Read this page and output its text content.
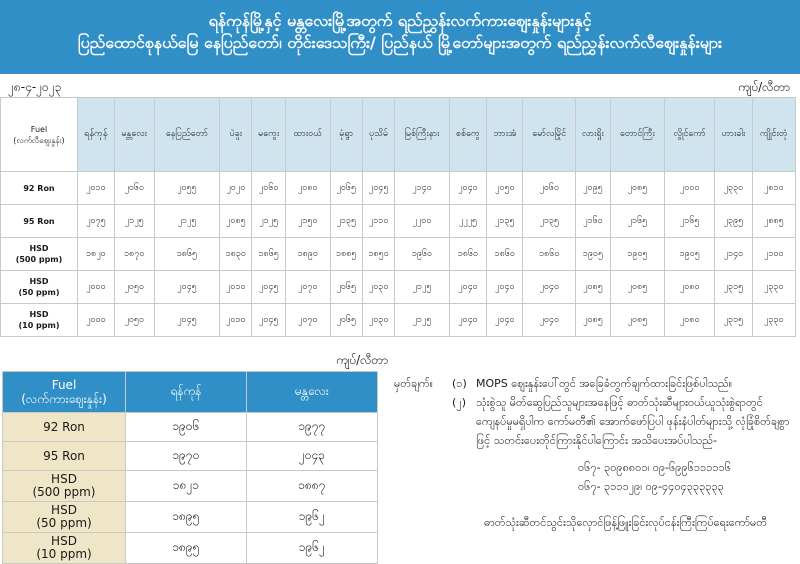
ရန်ကုန်မြို့နှင့် မန္တလေးမြို့အတွက် ရည်ညွှန်းလက်ကားဈေးနှုန်းများနှင့်
ပြည်ထောင်စုနယ်မြေ နေပြည်တော်၊ တိုင်းဒေသကြီး/ ပြည်နယ် မြို့တော်များအတွက် ရည်ညွှန်းလက်လီဈေးနှုန်းများ
၂၈-၄-၂၀၂၃	ကျပ်/လီတာ
Fuel
(လက်လီဈေးနှုန်း)	ရန်ကုန်	မန္တလေး	နေပြည်တော်	ပဲခူး	မကွေး	ထားဝယ်	မုံရွာ	ပုသိမ်	မြစ်ကြီးနား	စစ်ကွေ	ဘားအံ	မော်လမြိုင်	လားရှိုး	တောင်ကြီး	လွိုင်ကော်	ဟားခါး	ကျိုင်းတုံ

92 Ron	၂၀၁၀	၂၀၆၀	၂၀၅၅	၂၀၂၀	၂၀၆၀	၂၀၈၀	၂၀၆၅	၂၀၄၅	၂၁၄၀	၂၀၄၀	၂၀၅၀	၂၀၆၀	၂၀၉၅	၂၀၈၅	၂၀၀၀	၂၃၃၀	၂၈၁၀

95 Ron	၂၀၇၅	၂၁၂၅	၂၁၂၅	၂၀၈၅	၂၁၂၅	၂၁၅၀	၂၁၃၅	၂၁၁၀	၂၂၀၀	၂၂၂၅	၂၁၃၅	၂၁၃၅	၂၁၆၀	၂၁၆၅	၂၁၆၅	၂၃၉၅	၂၈၈၅

HSD
(500 ppm)	၁၈၂၀	၁၈၇၀	၁၈၆၅	၁၈၃၀	၁၈၆၅	၁၈၉၀	၁၈၈၅	၁၈၅၀	၁၉၆၀	၁၈၆၀	၁၈၆၀	၁၈၆၀	၁၉၀၅	၁၉၀၅	၁၉၀၅	၂၁၄၀	၂၁၀၀

HSD
(50 ppm)	၂၀၀၀	၂၀၅၀	၂၀၄၅	၂၀၁၀	၂၀၄၅	၂၀၇၀	၂၀၆၅	၂၀၃၀	၂၁၂၅	၂၀၄၀	၂၀၄၀	၂၀၄၀	၂၀၈၅	၂၀၈၅	၂၀၈၀	၂၃၁၅	၂၃၃၀

HSD
(10 ppm)	၂၀၀၀	၂၀၅၀	၂၀၄၅	၂၀၁၀	၂၀၄၅	၂၀၇၀	၂၀၆၅	၂၀၃၀	၂၁၂၅	၂၀၄၀	၂၀၄၀	၂၀၄၀	၂၀၈၅	၂၀၈၅	၂၀၈၀	၂၃၁၅	၂၃၃၀
ကျပ်/လီတာ
Fuel
(လက်ကားဈေးနှုန်း)	ရန်ကုန်	မန္တလေး

92 Ron	၁၉၀၆	၁၉၇၇

95 Ron	၁၉၇၀	၂၀၄၃

HSD
(500 ppm)	၁၈၂၁	၁၈၈၇

HSD
(50 ppm)	၁၈၉၅	၁၉၆၂

HSD
(10 ppm)	၁၈၉၅	၁၉၆၂
မှတ်ချက်။	(၁) MOPS ဈေးနှုန်းပေါ်တွင် အခြေခံတွက်ချက်ထားခြင်းဖြစ်ပါသည်။
(၂) သုံးစွဲသူ မိတ်ဆွေပြည်သူများအနေဖြင့် ဓာတ်သုံးဆီများဝယ်ယူသုံးစွဲရာတွင် ကျေနပ်မှုမရှိပါက ကော်မတီ၏ အောက်ဖော်ပြပါ ဖုန်းနံပါတ်များသို့ လုံခြုံစိတ်ချစွာဖြင့် သတင်းပေးတိုင်ကြားနိုင်ပါကြောင်း အသိပေးအပ်ပါသည်-
၀၆၇- ၃၀၉၈၈၀၁၊ ၀၉-၆၉၉၆၁၁၁၁၁၆
၀၆၇- ၃၁၁၁၂၉၊ ၀၉-၄၄၀၄၃၃၃၃၃၃
ဓာတ်သုံးဆီတင်သွင်းသိုလှောင်ဖြန့်ဖြူးခြင်းလုပ်ငန်းကြီးကြပ်ရေးကော်မတီ
